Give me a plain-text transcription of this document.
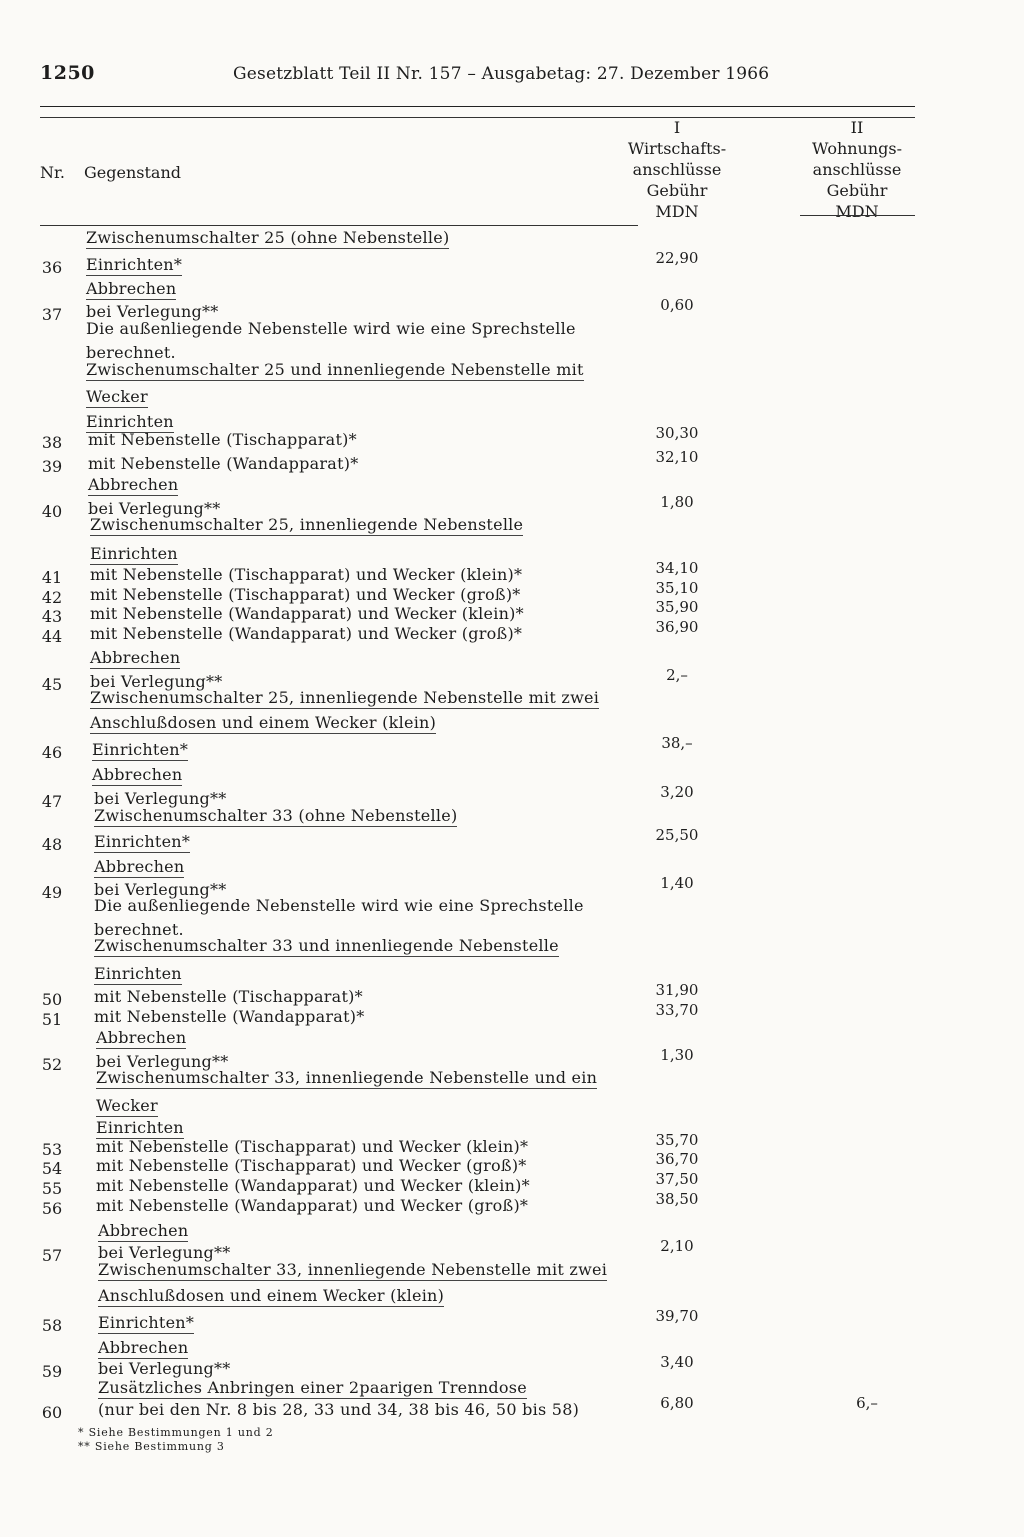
1250	Gesetzblatt Teil II Nr. 157 – Ausgabetag: 27. Dezember 1966
Nr. Gegenstand
I
Wirtschafts-
anschlüsse
Gebühr
MDN
II
Wohnungs-
anschlüsse
Gebühr
MDN
Zwischenumschalter 25 (ohne Nebenstelle)
36	Einrichten*	22,90
Abbrechen
37	bei Verlegung**	0,60
Die außenliegende Nebenstelle wird wie eine Sprechstelle
berechnet.
Zwischenumschalter 25 und innenliegende Nebenstelle mit
Wecker
Einrichten
38	mit Nebenstelle (Tischapparat)*	30,30
39	mit Nebenstelle (Wandapparat)*	32,10
Abbrechen
40	bei Verlegung**	1,80
Zwischenumschalter 25, innenliegende Nebenstelle
Einrichten
41	mit Nebenstelle (Tischapparat) und Wecker (klein)*	34,10
42	mit Nebenstelle (Tischapparat) und Wecker (groß)*	35,10
43	mit Nebenstelle (Wandapparat) und Wecker (klein)*	35,90
44	mit Nebenstelle (Wandapparat) und Wecker (groß)*	36,90
Abbrechen
45	bei Verlegung**	2,–
Zwischenumschalter 25, innenliegende Nebenstelle mit zwei
Anschlußdosen und einem Wecker (klein)
46	Einrichten*	38,–
Abbrechen
47	bei Verlegung**	3,20
Zwischenumschalter 33 (ohne Nebenstelle)
48	Einrichten*	25,50
Abbrechen
49	bei Verlegung**	1,40
Die außenliegende Nebenstelle wird wie eine Sprechstelle
berechnet.
Zwischenumschalter 33 und innenliegende Nebenstelle
Einrichten
50	mit Nebenstelle (Tischapparat)*	31,90
51	mit Nebenstelle (Wandapparat)*	33,70
Abbrechen
52	bei Verlegung**	1,30
Zwischenumschalter 33, innenliegende Nebenstelle und ein
Wecker
Einrichten
53	mit Nebenstelle (Tischapparat) und Wecker (klein)*	35,70
54	mit Nebenstelle (Tischapparat) und Wecker (groß)*	36,70
55	mit Nebenstelle (Wandapparat) und Wecker (klein)*	37,50
56	mit Nebenstelle (Wandapparat) und Wecker (groß)*	38,50
Abbrechen
57	bei Verlegung**	2,10
Zwischenumschalter 33, innenliegende Nebenstelle mit zwei
Anschlußdosen und einem Wecker (klein)
58	Einrichten*	39,70
Abbrechen
59	bei Verlegung**	3,40
Zusätzliches Anbringen einer 2paarigen Trenndose
60	(nur bei den Nr. 8 bis 28, 33 und 34, 38 bis 46, 50 bis 58)	6,80	6,–
* Siehe Bestimmungen 1 und 2
** Siehe Bestimmung 3
